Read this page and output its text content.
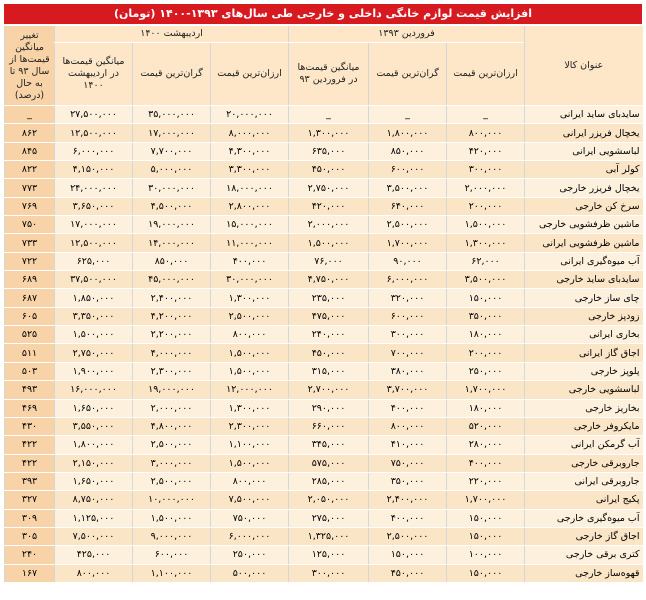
افزایش قیمت لوازم خانگی داخلی و خارجی طی سال‌های ۱۳۹۳-۱۴۰۰ (تومان)
عنوان کالا	فروردین ۱۳۹۳			اردیبهشت ۱۴۰۰			تغییر میانگین قیمت‌ها از سال ۹۳ تا به حال (درصد)
	ارزان‌ترین قیمت	گران‌ترین قیمت	میانگین قیمت‌ها در فروردین ۹۳	ارزان‌ترین قیمت	گران‌ترین قیمت	میانگین قیمت‌ها در اردیبهشت ۱۴۰۰	
سایدبای ساید ایرانی	_	_	_	۲۰,۰۰۰,۰۰۰	۳۵,۰۰۰,۰۰۰	۲۷,۵۰۰,۰۰۰	_
یخچال فریزر ایرانی	۸۰۰,۰۰۰	۱,۸۰۰,۰۰۰	۱,۳۰۰,۰۰۰	۸,۰۰۰,۰۰۰	۱۷,۰۰۰,۰۰۰	۱۲,۵۰۰,۰۰۰	۸۶۲
لباسشویی ایرانی	۴۲۰,۰۰۰	۸۵۰,۰۰۰	۶۳۵,۰۰۰	۴,۳۰۰,۰۰۰	۷,۷۰۰,۰۰۰	۶,۰۰۰,۰۰۰	۸۴۵
کولر آبی	۳۰۰,۰۰۰	۶۰۰,۰۰۰	۴۵۰,۰۰۰	۳,۳۰۰,۰۰۰	۵,۰۰۰,۰۰۰	۴,۱۵۰,۰۰۰	۸۲۲
یخچال فریزر خارجی	۲,۰۰۰,۰۰۰	۳,۵۰۰,۰۰۰	۲,۷۵۰,۰۰۰	۱۸,۰۰۰,۰۰۰	۳۰,۰۰۰,۰۰۰	۲۴,۰۰۰,۰۰۰	۷۷۳
سرخ کن خارجی	۲۰۰,۰۰۰	۶۴۰,۰۰۰	۴۲۰,۰۰۰	۲,۸۰۰,۰۰۰	۴,۵۰۰,۰۰۰	۳,۶۵۰,۰۰۰	۷۶۹
ماشین ظرفشویی خارجی	۱,۵۰۰,۰۰۰	۲,۵۰۰,۰۰۰	۲,۰۰۰,۰۰۰	۱۵,۰۰۰,۰۰۰	۱۹,۰۰۰,۰۰۰	۱۷,۰۰۰,۰۰۰	۷۵۰
ماشین ظرفشویی ایرانی	۱,۳۰۰,۰۰۰	۱,۷۰۰,۰۰۰	۱,۵۰۰,۰۰۰	۱۱,۰۰۰,۰۰۰	۱۴,۰۰۰,۰۰۰	۱۲,۵۰۰,۰۰۰	۷۳۳
آب میوه‌گیری ایرانی	۶۲,۰۰۰	۹۰,۰۰۰	۷۶,۰۰۰	۴۰۰,۰۰۰	۸۵۰,۰۰۰	۶۲۵,۰۰۰	۷۲۲
سایدبای ساید خارجی	۳,۵۰۰,۰۰۰	۶,۰۰۰,۰۰۰	۴,۷۵۰,۰۰۰	۳۰,۰۰۰,۰۰۰	۴۵,۰۰۰,۰۰۰	۳۷,۵۰۰,۰۰۰	۶۸۹
چای ساز خارجی	۱۵۰,۰۰۰	۳۲۰,۰۰۰	۲۳۵,۰۰۰	۱,۳۰۰,۰۰۰	۲,۴۰۰,۰۰۰	۱,۸۵۰,۰۰۰	۶۸۷
زودپز خارجی	۳۵۰,۰۰۰	۶۰۰,۰۰۰	۴۷۵,۰۰۰	۲,۵۰۰,۰۰۰	۴,۲۰۰,۰۰۰	۳,۳۵۰,۰۰۰	۶۰۵
بخاری ایرانی	۱۸۰,۰۰۰	۳۰۰,۰۰۰	۲۴۰,۰۰۰	۸۰۰,۰۰۰	۲,۲۰۰,۰۰۰	۱,۵۰۰,۰۰۰	۵۲۵
اجاق گاز ایرانی	۲۰۰,۰۰۰	۷۰۰,۰۰۰	۴۵۰,۰۰۰	۱,۵۰۰,۰۰۰	۴,۰۰۰,۰۰۰	۲,۷۵۰,۰۰۰	۵۱۱
پلوپز خارجی	۲۵۰,۰۰۰	۳۸۰,۰۰۰	۳۱۵,۰۰۰	۱,۵۰۰,۰۰۰	۲,۳۰۰,۰۰۰	۱,۹۰۰,۰۰۰	۵۰۳
لباسشویی خارجی	۱,۷۰۰,۰۰۰	۳,۷۰۰,۰۰۰	۲,۷۰۰,۰۰۰	۱۲,۰۰۰,۰۰۰	۱۹,۰۰۰,۰۰۰	۱۶,۰۰۰,۰۰۰	۴۹۳
بخاریز خارجی	۱۸۰,۰۰۰	۴۰۰,۰۰۰	۲۹۰,۰۰۰	۱,۳۰۰,۰۰۰	۲,۰۰۰,۰۰۰	۱,۶۵۰,۰۰۰	۴۶۹
مایکروفر خارجی	۵۲۰,۰۰۰	۸۰۰,۰۰۰	۶۶۰,۰۰۰	۲,۳۰۰,۰۰۰	۴,۸۰۰,۰۰۰	۳,۵۵۰,۰۰۰	۴۳۰
آب گرمکن ایرانی	۲۸۰,۰۰۰	۴۱۰,۰۰۰	۳۴۵,۰۰۰	۱,۱۰۰,۰۰۰	۲,۵۰۰,۰۰۰	۱,۸۰۰,۰۰۰	۴۲۲
جاروبرقی خارجی	۴۰۰,۰۰۰	۷۵۰,۰۰۰	۵۷۵,۰۰۰	۱,۵۰۰,۰۰۰	۳,۰۰۰,۰۰۰	۲,۱۵۰,۰۰۰	۴۲۲
جاروبرقی ایرانی	۲۲۰,۰۰۰	۳۵۰,۰۰۰	۲۸۵,۰۰۰	۸۰۰,۰۰۰	۲,۵۰۰,۰۰۰	۱,۶۵۰,۰۰۰	۳۹۳
پکیج ایرانی	۱,۷۰۰,۰۰۰	۲,۴۰۰,۰۰۰	۲,۰۵۰,۰۰۰	۷,۵۰۰,۰۰۰	۱۰,۰۰۰,۰۰۰	۸,۷۵۰,۰۰۰	۳۲۷
آب میوه‌گیری خارجی	۱۵۰,۰۰۰	۴۰۰,۰۰۰	۲۷۵,۰۰۰	۷۵۰,۰۰۰	۱,۵۰۰,۰۰۰	۱,۱۲۵,۰۰۰	۳۰۹
اجاق گاز خارجی	۱۵۰,۰۰۰	۲,۵۰۰,۰۰۰	۱,۳۲۵,۰۰۰	۶,۰۰۰,۰۰۰	۹,۰۰۰,۰۰۰	۷,۵۰۰,۰۰۰	۳۰۵
کتری برقی خارجی	۱۰۰,۰۰۰	۱۵۰,۰۰۰	۱۲۵,۰۰۰	۲۵۰,۰۰۰	۶۰۰,۰۰۰	۴۲۵,۰۰۰	۲۴۰
قهوه‌ساز خارجی	۱۵۰,۰۰۰	۴۵۰,۰۰۰	۳۰۰,۰۰۰	۵۰۰,۰۰۰	۱,۱۰۰,۰۰۰	۸۰۰,۰۰۰	۱۶۷
